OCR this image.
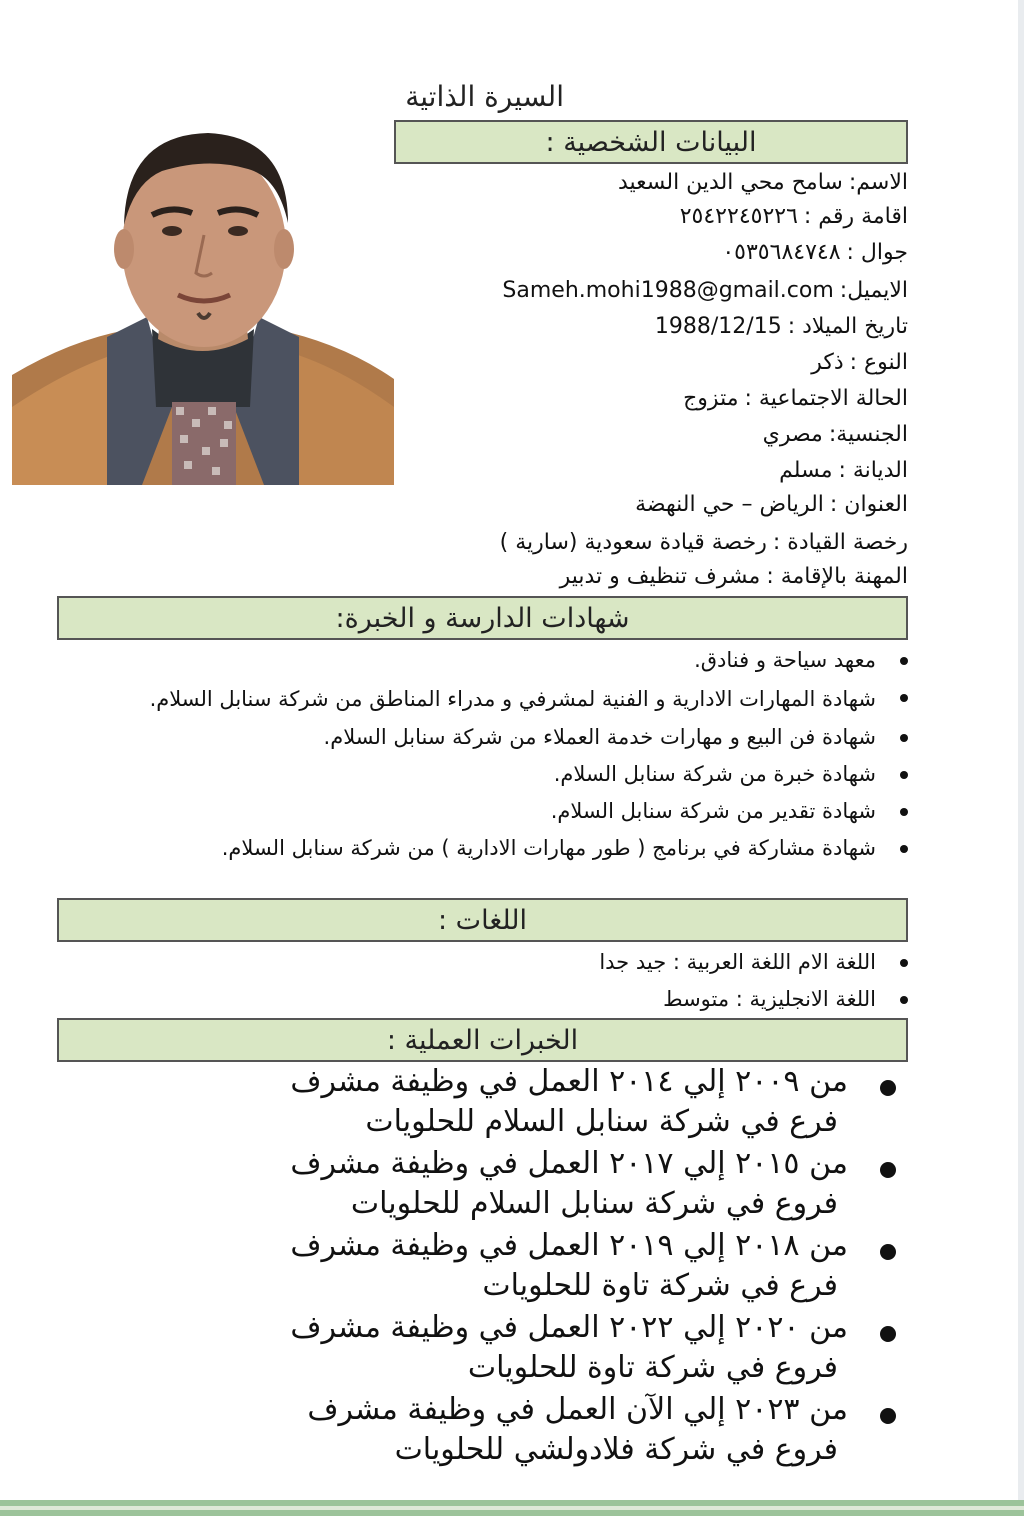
السيرة الذاتية
البيانات الشخصية :
الاسم:سامح محي الدين السعيد
اقامة رقم :٢٥٤٢٢٤٥٢٢٦
جوال :٠٥٣٥٦٨٤٧٤٨
الايميل:Sameh.mohi1988@gmail.com
تاريخ الميلاد :1988/12/15
النوع :ذكر
الحالة الاجتماعية :متزوج
الجنسية:مصري
الديانة :مسلم
العنوان :الرياض – حي النهضة
رخصة القيادة :رخصة قيادة سعودية (سارية )
المهنة بالإقامة :مشرف تنظيف و تدبير
شهادات الدارسة و الخبرة:
معهد سياحة و فنادق.
شهادة المهارات الادارية و الفنية لمشرفي و مدراء المناطق من شركة سنابل السلام.
شهادة فن البيع و مهارات خدمة العملاء من شركة سنابل السلام.
شهادة خبرة من شركة سنابل السلام.
شهادة تقدير من شركة سنابل السلام.
شهادة مشاركة في برنامج ( طور مهارات الادارية ) من شركة سنابل السلام.
اللغات :
اللغة الام اللغة العربية : جيد جدا
اللغة الانجليزية : متوسط
الخبرات العملية :
من ٢٠٠٩ إلي ٢٠١٤ العمل في وظيفة مشرف
فرع في شركة سنابل السلام للحلويات
من ٢٠١٥ إلي ٢٠١٧ العمل في وظيفة مشرف
فروع في شركة سنابل السلام للحلويات
من ٢٠١٨ إلي ٢٠١٩ العمل في وظيفة مشرف
فرع في شركة تاوة للحلويات
من ٢٠٢٠ إلي ٢٠٢٢ العمل في وظيفة مشرف
فروع في شركة تاوة للحلويات
من ٢٠٢٣ إلي الآن العمل في وظيفة مشرف
فروع في شركة فلادولشي للحلويات
